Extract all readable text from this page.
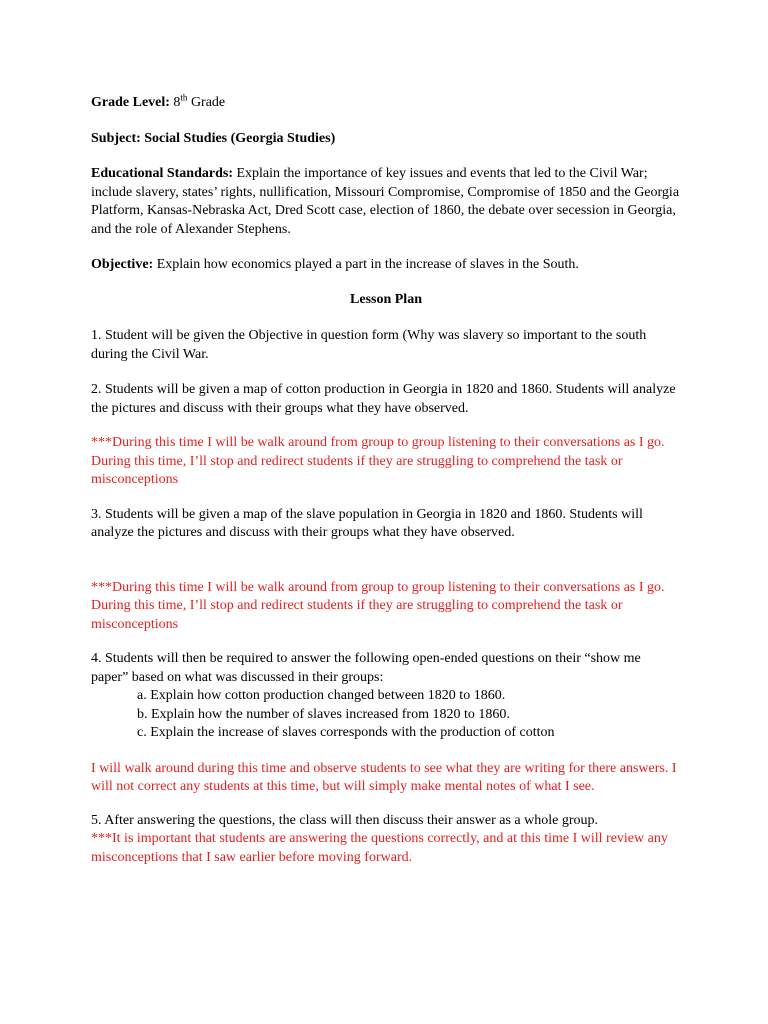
Grade Level: 8th Grade

Subject: Social Studies (Georgia Studies)

Educational Standards: Explain the importance of key issues and events that led to the Civil War; include slavery, states’ rights, nullification, Missouri Compromise, Compromise of 1850 and the Georgia Platform, Kansas-Nebraska Act, Dred Scott case, election of 1860, the debate over secession in Georgia, and the role of Alexander Stephens.

Objective: Explain how economics played a part in the increase of slaves in the South.

Lesson Plan

1. Student will be given the Objective in question form (Why was slavery so important to the south during the Civil War.

2. Students will be given a map of cotton production in Georgia in 1820 and 1860. Students will analyze the pictures and discuss with their groups what they have observed.

***During this time I will be walk around from group to group listening to their conversations as I go. During this time, I’ll stop and redirect students if they are struggling to comprehend the task or misconceptions

3. Students will be given a map of the slave population in Georgia in 1820 and 1860. Students will analyze the pictures and discuss with their groups what they have observed.

***During this time I will be walk around from group to group listening to their conversations as I go. During this time, I’ll stop and redirect students if they are struggling to comprehend the task or misconceptions

4. Students will then be required to answer the following open-ended questions on their “show me paper” based on what was discussed in their groups:

a. Explain how cotton production changed between 1820 to 1860.

b. Explain how the number of slaves increased from 1820 to 1860.

c. Explain the increase of slaves corresponds with the production of cotton

I will walk around during this time and observe students to see what they are writing for there answers. I will not correct any students at this time, but will simply make mental notes of what I see.

5. After answering the questions, the class will then discuss their answer as a whole group.

***It is important that students are answering the questions correctly, and at this time I will review any misconceptions that I saw earlier before moving forward.
